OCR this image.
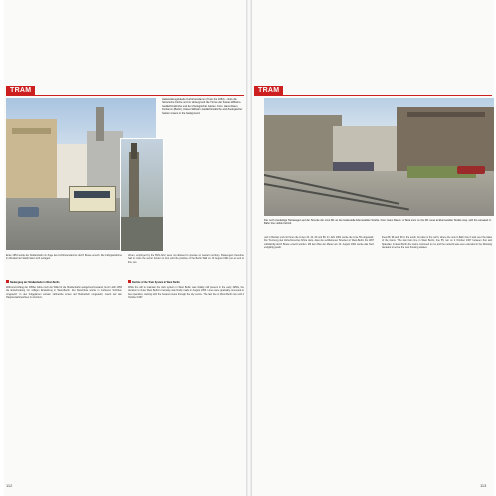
TRAM
Haltestellengebäude Kurfürstendamm (Tram bis 1954) – links die historische Kirche und im Hintergrund die Türme der Kaiser-Wilhelm-Gedächtniskirche und der Zoologischer Garten. Foto: Hans Raem. Ku'damm (Berlin), Kaiser-Wilhelm-Gedächtniskirche and Zoologischer Garten towers in the background.
Ende 1953 wurde die Straßenbahn im Zuge des Kurfürstendamms durch Busse ersetzt. Die Fahrgastströme im Westteil der Stadt hatten sich verlagert.
Niedergang der Straßenbahn in West-Berlin
Während Anfang der 1950er Jahre noch der Wille für die Straßenbahn weitgehend bestand, fiel im Jahr 1953 die Entscheidung zur völligen Einstellung in West-Berlin. Der Beschluss wurde in mehreren Schritten umgesetzt. In den Folgejahren wurden zahlreiche Linien auf Busbetrieb umgestellt, zuerst auf den Hauptverkehrsachsen im Zentrum.
driven, employed by the BVG-Süd, were not allowed to operate on western territory. Passengers therefore had to cross the sector border on foot until the practice of the Berlin Wall on 13 August 1961 put an end to this, too.
Decline of the Tram System in West Berlin
While the will to maintain the tram system in West Berlin was initially still present in the early 1950s, the decision to close West Berlin's tramway was finally made in August 1953. Lines were gradually converted to bus operation, starting with the busiest routes through the city centre. The last line in West Berlin ran until 2 October 1967.
112
TRAM
Der noch zweiteilige Tatrawagen auf der Strecke der Linie M1 an der Haltestelle Eberswalder Straße. Foto: Hans Raem. A Tatra tram on the M1 route at Eberswalder Straße stop, with the elevated U-Bahn line visible behind.
und in Betrieb und mit Ihnen die Linien 23, 24, 69 und 88. Im Jahr 1961 wurde die Linie 55 eingestellt. Die Trennung des Verkehrsnetzes führte dazu, dass die verbliebenen Strecken in West-Berlin bis 1967 vollständig durch Busse ersetzt wurden. Mit dem Bau der Mauer am 13. August 1961 wurde das Netz endgültig geteilt.
lines 88, 96 and 99 in the south, but also in the north, where the new U-Bahn line 6 took over the tasks of the trams. The last tram line in West Berlin, line 55, ran on 2 October 1967 between Zoo and Spandau. In East Berlin the trams continued to run and the network was even extended in the following decades to serve the new housing estates.
113
